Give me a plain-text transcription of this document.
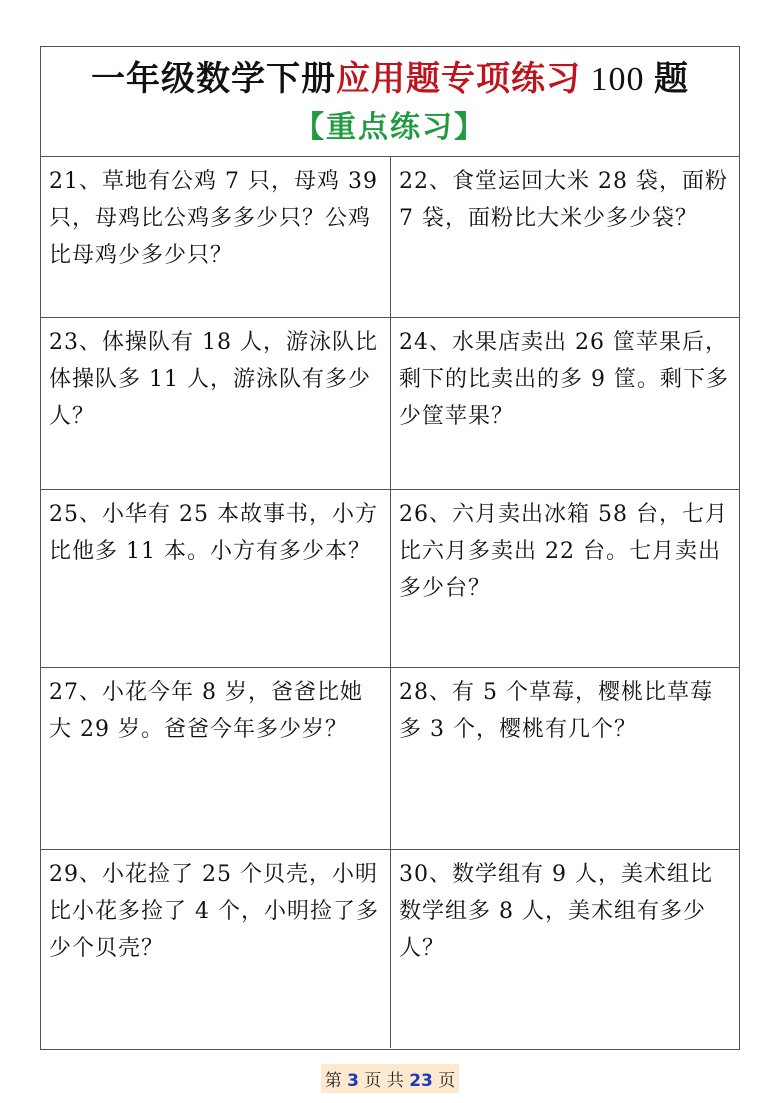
一年级数学下册应用题专项练习 100 题
【重点练习】
21、草地有公鸡 7 只，母鸡 39 只，母鸡比公鸡多多少只？公鸡比母鸡少多少只？
22、食堂运回大米 28 袋，面粉 7 袋，面粉比大米少多少袋？
23、体操队有 18 人，游泳队比体操队多 11 人，游泳队有多少人？
24、水果店卖出 26 筐苹果后，剩下的比卖出的多 9 筐。剩下多少筐苹果？
25、小华有 25 本故事书，小方比他多 11 本。小方有多少本？
26、六月卖出冰箱 58 台，七月比六月多卖出 22 台。七月卖出多少台？
27、小花今年 8 岁，爸爸比她大 29 岁。爸爸今年多少岁？
28、有 5 个草莓，樱桃比草莓多 3 个，樱桃有几个？
29、小花捡了 25 个贝壳，小明比小花多捡了 4 个，小明捡了多少个贝壳？
30、数学组有 9 人，美术组比数学组多 8 人，美术组有多少人？
第 3 页 共 23 页
